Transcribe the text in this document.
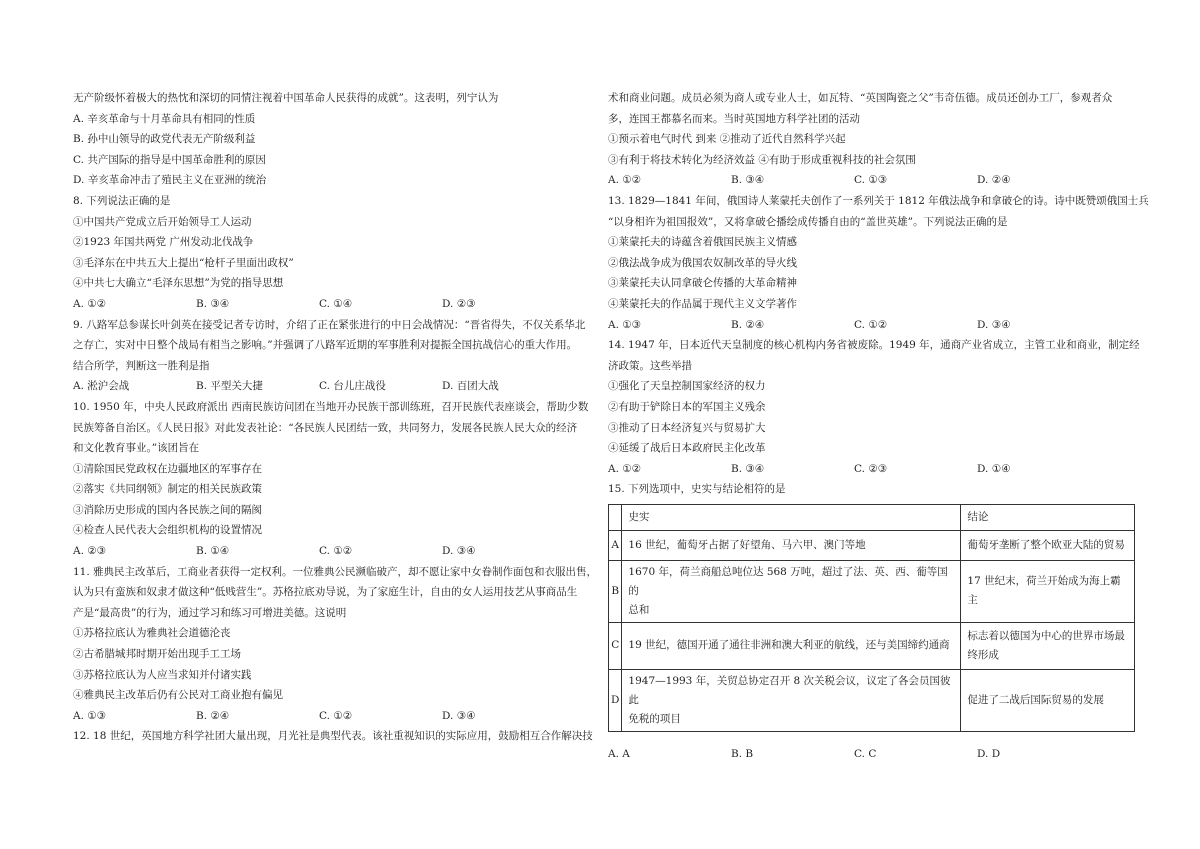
无产阶级怀着极大的热忱和深切的同情注视着中国革命人民获得的成就”。这表明，列宁认为
A. 辛亥革命与十月革命具有相同的性质
B. 孙中山领导的政党代表无产阶级利益
C. 共产国际的指导是中国革命胜利的原因
D. 辛亥革命冲击了殖民主义在亚洲的统治
8. 下列说法正确的是
①中国共产党成立后开始领导工人运动
②1923 年国共两党 广州发动北伐战争
③毛泽东在中共五大上提出“枪杆子里面出政权”
④中共七大确立“毛泽东思想”为党的指导思想
A. ①②	B. ③④	C. ①④	D. ②③
9. 八路军总参谋长叶剑英在接受记者专访时，介绍了正在紧张进行的中日会战情况：“晋省得失，不仅关系华北
之存亡，实对中日整个战局有相当之影响。”并强调了八路军近期的军事胜利对提振全国抗战信心的重大作用。
结合所学，判断这一胜利是指
A. 淞沪会战	B. 平型关大捷	C. 台儿庄战役	D. 百团大战
10. 1950 年，中央人民政府派出 西南民族访问团在当地开办民族干部训练班，召开民族代表座谈会，帮助少数
民族筹备自治区。《人民日报》对此发表社论：“各民族人民团结一致，共同努力，发展各民族人民大众的经济
和文化教育事业。”该团旨在
①清除国民党政权在边疆地区的军事存在
②落实《共同纲领》制定的相关民族政策
③消除历史形成的国内各民族之间的隔阂
④检查人民代表大会组织机构的设置情况
A. ②③	B. ①④	C. ①②	D. ③④
11. 雅典民主改革后，工商业者获得一定权利。一位雅典公民濒临破产，却不愿让家中女眷制作面包和衣服出售，
认为只有蛮族和奴隶才做这种“低贱营生”。苏格拉底劝导说，为了家庭生计，自由的女人运用技艺从事商品生
产是“最高贵”的行为，通过学习和练习可增进美德。这说明
①苏格拉底认为雅典社会道德沦丧
②古希腊城邦时期开始出现手工工场
③苏格拉底认为人应当求知并付诸实践
④雅典民主改革后仍有公民对工商业抱有偏见
A. ①③	B. ②④	C. ①②	D. ③④
12. 18 世纪，英国地方科学社团大量出现，月光社是典型代表。该社重视知识的实际应用，鼓励相互合作解决技
术和商业问题。成员必须为商人或专业人士，如瓦特、“英国陶瓷之父”韦奇伍德。成员还创办工厂，参观者众
多，连国王都慕名而来。当时英国地方科学社团的活动
①预示着电气时代 到来 ②推动了近代自然科学兴起
③有利于将技术转化为经济效益 ④有助于形成重视科技的社会氛围
A. ①②	B. ③④	C. ①③	D. ②④
13. 1829—1841 年间，俄国诗人莱蒙托夫创作了一系列关于 1812 年俄法战争和拿破仑的诗。诗中既赞颂俄国士兵
“以身相许为祖国报效”，又将拿破仑播绘成传播自由的“盖世英雄”。下列说法正确的是
①莱蒙托夫的诗蕴含着俄国民族主义情感
②俄法战争成为俄国农奴制改革的导火线
③莱蒙托夫认同拿破仑传播的大革命精神
④莱蒙托夫的作品属于现代主义文学著作
A. ①③	B. ②④	C. ①②	D. ③④
14. 1947 年，日本近代天皇制度的核心机构内务省被废除。1949 年，通商产业省成立，主管工业和商业，制定经
济政策。这些举措
①强化了天皇控制国家经济的权力
②有助于铲除日本的军国主义残余
③推动了日本经济复兴与贸易扩大
④延缓了战后日本政府民主化改革
A. ①②	B. ③④	C. ②③	D. ①④
15. 下列选项中，史实与结论相符的是
	史实	结论
A	16 世纪，葡萄牙占据了好望角、马六甲、澳门等地	葡萄牙垄断了整个欧亚大陆的贸易
B	1670 年，荷兰商船总吨位达 568 万吨，超过了法、英、西、葡等国的
总和	17 世纪末，荷兰开始成为海上霸主
C	19 世纪，德国开通了通往非洲和澳大利亚的航线，还与美国缔约通商	标志着以德国为中心的世界市场最
终形成
D	1947—1993 年，关贸总协定召开 8 次关税会议，议定了各会员国彼此
免税的项目	促进了二战后国际贸易的发展
A. A	B. B	C. C	D. D
